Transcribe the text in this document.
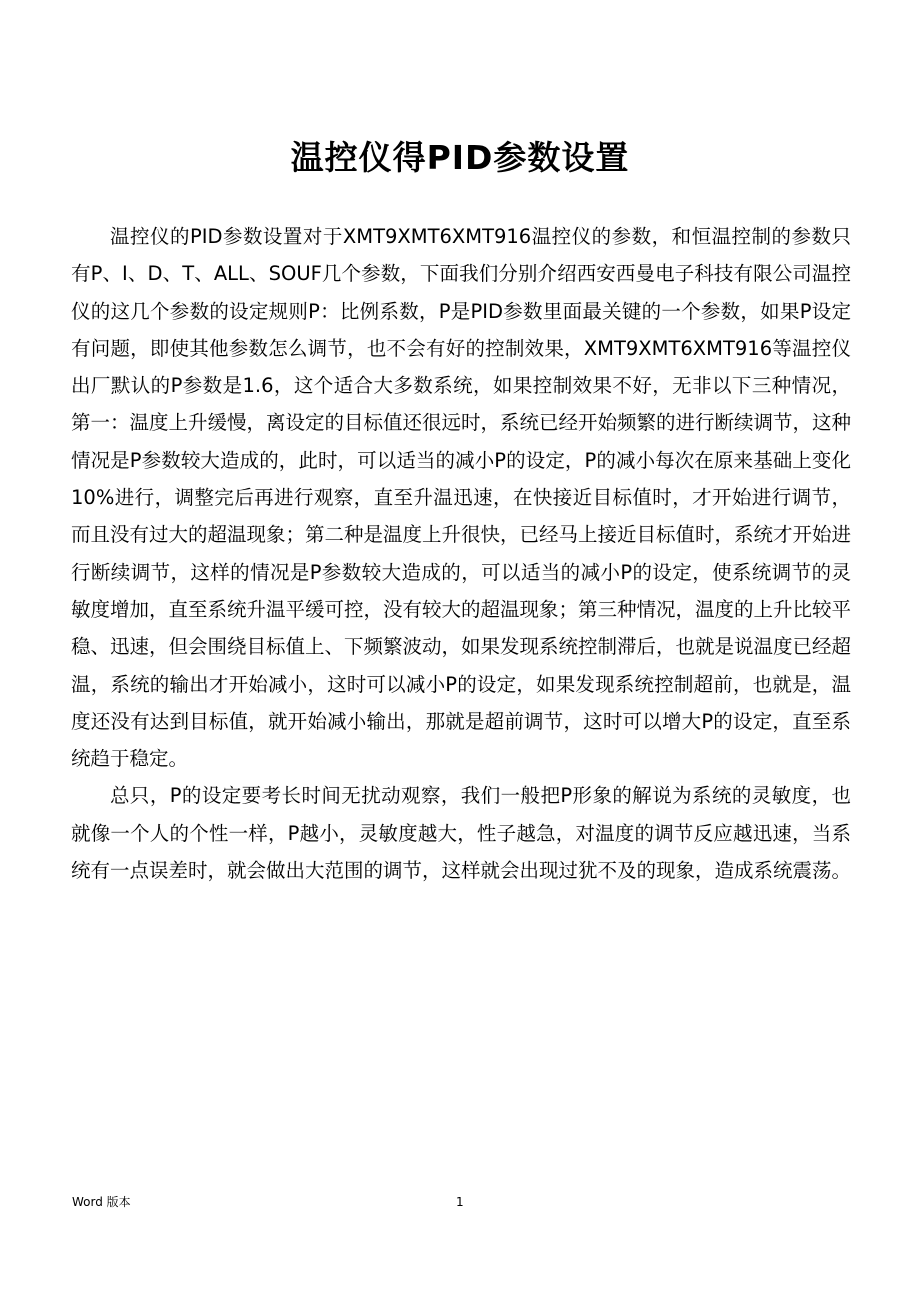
温控仪得PID参数设置

温控仪的PID参数设置对于XMT9XMT6XMT916温控仪的参数，和恒温控制的参数只有P、I、D、T、ALL、SOUF几个参数，下面我们分别介绍西安西曼电子科技有限公司温控仪的这几个参数的设定规则P：比例系数，P是PID参数里面最关键的一个参数，如果P设定有问题，即使其他参数怎么调节，也不会有好的控制效果，XMT9XMT6XMT916等温控仪出厂默认的P参数是1.6，这个适合大多数系统，如果控制效果不好，无非以下三种情况，第一：温度上升缓慢，离设定的目标值还很远时，系统已经开始频繁的进行断续调节，这种情况是P参数较大造成的，此时，可以适当的减小P的设定，P的减小每次在原来基础上变化10%进行，调整完后再进行观察，直至升温迅速，在快接近目标值时，才开始进行调节，而且没有过大的超温现象；第二种是温度上升很快，已经马上接近目标值时，系统才开始进行断续调节，这样的情况是P参数较大造成的，可以适当的减小P的设定，使系统调节的灵敏度增加，直至系统升温平缓可控，没有较大的超温现象；第三种情况，温度的上升比较平稳、迅速，但会围绕目标值上、下频繁波动，如果发现系统控制滞后，也就是说温度已经超温，系统的输出才开始减小，这时可以减小P的设定，如果发现系统控制超前，也就是，温度还没有达到目标值，就开始减小输出，那就是超前调节，这时可以增大P的设定，直至系统趋于稳定。

总只，P的设定要考长时间无扰动观察，我们一般把P形象的解说为系统的灵敏度，也就像一个人的个性一样，P越小，灵敏度越大，性子越急，对温度的调节反应越迅速，当系统有一点误差时，就会做出大范围的调节，这样就会出现过犹不及的现象，造成系统震荡。

Word 版本	1
